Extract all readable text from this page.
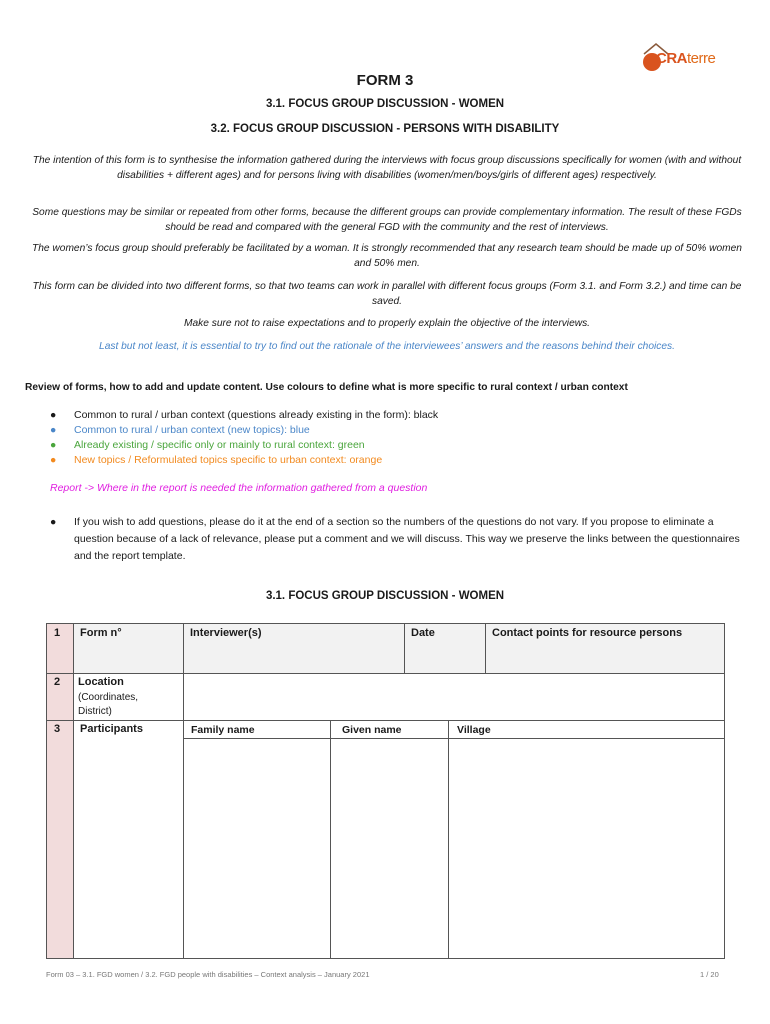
CRAterre
FORM 3
3.1. FOCUS GROUP DISCUSSION - WOMEN
3.2. FOCUS GROUP DISCUSSION - PERSONS WITH DISABILITY
The intention of this form is to synthesise the information gathered during the interviews with focus group discussions specifically for women (with and without disabilities + different ages) and for persons living with disabilities (women/men/boys/girls of different ages) respectively.
Some questions may be similar or repeated from other forms, because the different groups can provide complementary information. The result of these FGDs should be read and compared with the general FGD with the community and the rest of interviews.
The women’s focus group should preferably be facilitated by a woman. It is strongly recommended that any research team should be made up of 50% women and 50% men.
This form can be divided into two different forms, so that two teams can work in parallel with different focus groups (Form 3.1. and Form 3.2.) and time can be saved.
Make sure not to raise expectations and to properly explain the objective of the interviews.
Last but not least, it is essential to try to find out the rationale of the interviewees’ answers and the reasons behind their choices.
Review of forms, how to add and update content. Use colours to define what is more specific to rural context / urban context
● Common to rural / urban context (questions already existing in the form): black
● Common to rural / urban context (new topics): blue
● Already existing / specific only or mainly to rural context: green
● New topics / Reformulated topics specific to urban context: orange
Report -> Where in the report is needed the information gathered from a question
● If you wish to add questions, please do it at the end of a section so the numbers of the questions do not vary. If you propose to eliminate a question because of a lack of relevance, please put a comment and we will discuss. This way we preserve the links between the questionnaires and the report template.
3.1. FOCUS GROUP DISCUSSION - WOMEN
1 Form n°	Interviewer(s)	Date	Contact points for resource persons
2 Location
(Coordinates, District)
3 Participants	Family name	Given name	Village
Form 03 – 3.1. FGD women / 3.2. FGD people with disabilities – Context analysis – January 2021	1 / 20
